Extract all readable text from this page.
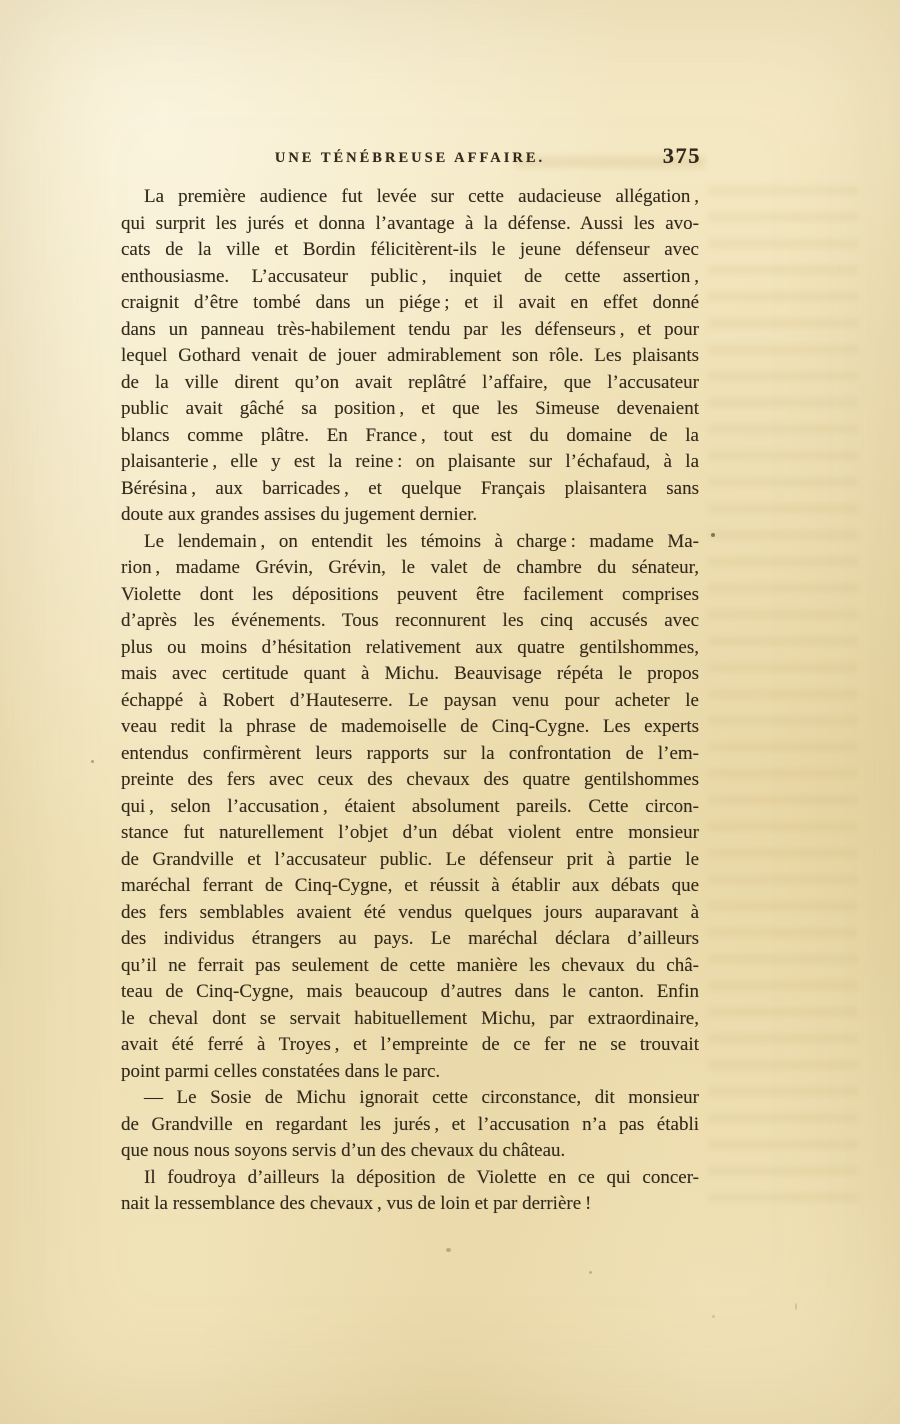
UNE TÉNÉBREUSE AFFAIRE.	375
La première audience fut levée sur cette audacieuse allégation ,
qui surprit les jurés et donna l’avantage à la défense. Aussi les avo-
cats de la ville et Bordin félicitèrent-ils le jeune défenseur avec
enthousiasme. L’accusateur public , inquiet de cette assertion ,
craignit d’être tombé dans un piége ; et il avait en effet donné
dans un panneau très-habilement tendu par les défenseurs , et pour
lequel Gothard venait de jouer admirablement son rôle. Les plaisants
de la ville dirent qu’on avait replâtré l’affaire, que l’accusateur
public avait gâché sa position , et que les Simeuse devenaient
blancs comme plâtre. En France , tout est du domaine de la
plaisanterie , elle y est la reine : on plaisante sur l’échafaud, à la
Bérésina , aux barricades , et quelque Français plaisantera sans
doute aux grandes assises du jugement dernier.
Le lendemain , on entendit les témoins à charge : madame Ma-
rion , madame Grévin, Grévin, le valet de chambre du sénateur,
Violette dont les dépositions peuvent être facilement comprises
d’après les événements. Tous reconnurent les cinq accusés avec
plus ou moins d’hésitation relativement aux quatre gentilshommes,
mais avec certitude quant à Michu. Beauvisage répéta le propos
échappé à Robert d’Hauteserre. Le paysan venu pour acheter le
veau redit la phrase de mademoiselle de Cinq-Cygne. Les experts
entendus confirmèrent leurs rapports sur la confrontation de l’em-
preinte des fers avec ceux des chevaux des quatre gentilshommes
qui , selon l’accusation , étaient absolument pareils. Cette circon-
stance fut naturellement l’objet d’un débat violent entre monsieur
de Grandville et l’accusateur public. Le défenseur prit à partie le
maréchal ferrant de Cinq-Cygne, et réussit à établir aux débats que
des fers semblables avaient été vendus quelques jours auparavant à
des individus étrangers au pays. Le maréchal déclara d’ailleurs
qu’il ne ferrait pas seulement de cette manière les chevaux du châ-
teau de Cinq-Cygne, mais beaucoup d’autres dans le canton. Enfin
le cheval dont se servait habituellement Michu, par extraordinaire,
avait été ferré à Troyes , et l’empreinte de ce fer ne se trouvait
point parmi celles constatées dans le parc.
— Le Sosie de Michu ignorait cette circonstance, dit monsieur
de Grandville en regardant les jurés , et l’accusation n’a pas établi
que nous nous soyons servis d’un des chevaux du château.
Il foudroya d’ailleurs la déposition de Violette en ce qui concer-
nait la ressemblance des chevaux , vus de loin et par derrière !
